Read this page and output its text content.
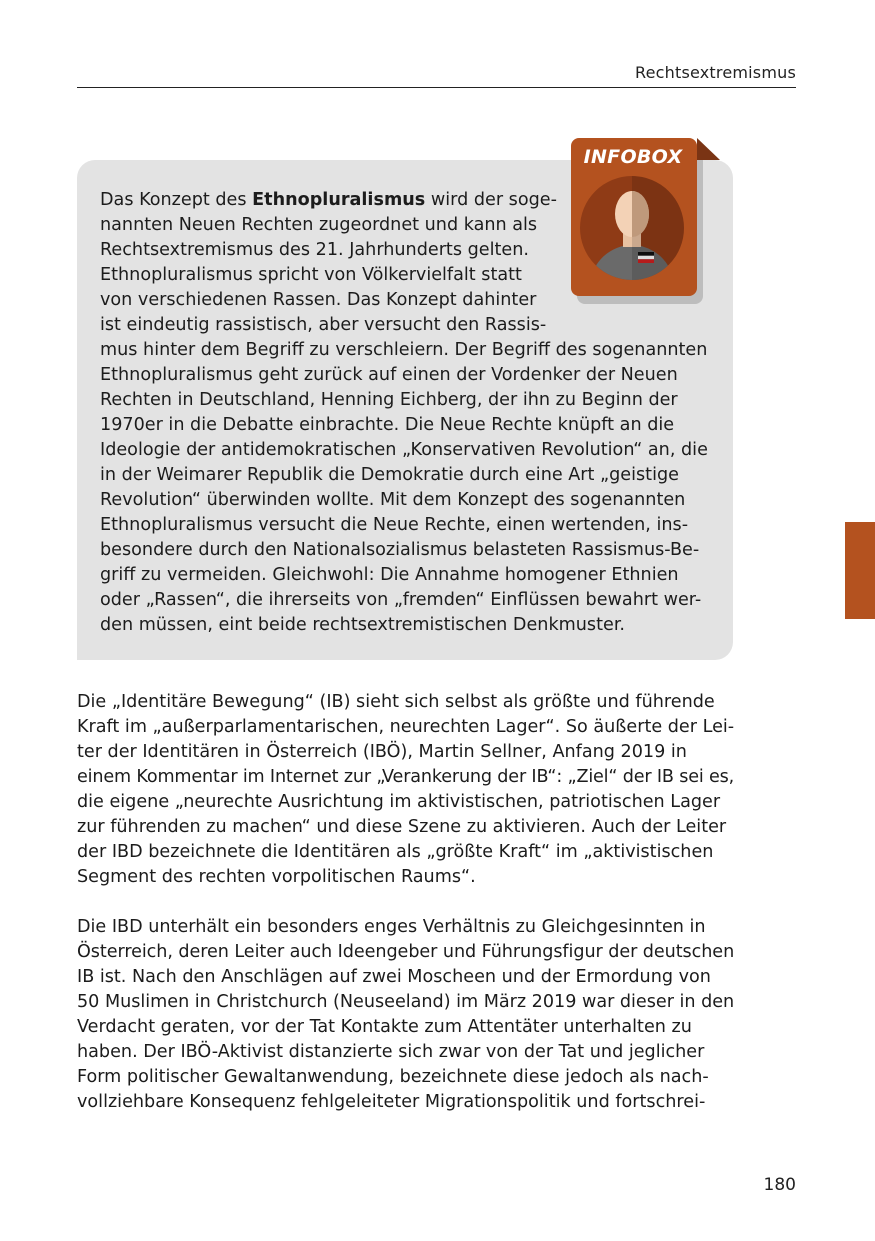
Rechtsextremismus
INFOBOX
Das Konzept des Ethnopluralismus wird der soge-
nannten Neuen Rechten zugeordnet und kann als
Rechtsextremismus des 21. Jahrhunderts gelten.
Ethnopluralismus spricht von Völkervielfalt statt
von verschiedenen Rassen. Das Konzept dahinter
ist eindeutig rassistisch, aber versucht den Rassis-
mus hinter dem Begriff zu verschleiern. Der Begriff des sogenannten
Ethnopluralismus geht zurück auf einen der Vordenker der Neuen
Rechten in Deutschland, Henning Eichberg, der ihn zu Beginn der
1970er in die Debatte einbrachte. Die Neue Rechte knüpft an die
Ideologie der antidemokratischen „Konservativen Revolution“ an, die
in der Weimarer Republik die Demokratie durch eine Art „geistige
Revolution“ überwinden wollte. Mit dem Konzept des sogenannten
Ethnopluralismus versucht die Neue Rechte, einen wertenden, ins-
besondere durch den Nationalsozialismus belasteten Rassismus-Be-
griff zu vermeiden. Gleichwohl: Die Annahme homogener Ethnien
oder „Rassen“, die ihrerseits von „fremden“ Einflüssen bewahrt wer-
den müssen, eint beide rechtsextremistischen Denkmuster.
Die „Identitäre Bewegung“ (IB) sieht sich selbst als größte und führende
Kraft im „außerparlamentarischen, neurechten Lager“. So äußerte der Lei-
ter der Identitären in Österreich (IBÖ), Martin Sellner, Anfang 2019 in
einem Kommentar im Internet zur „Verankerung der IB“: „Ziel“ der IB sei es,
die eigene „neurechte Ausrichtung im aktivistischen, patriotischen Lager
zur führenden zu machen“ und diese Szene zu aktivieren. Auch der Leiter
der IBD bezeichnete die Identitären als „größte Kraft“ im „aktivistischen
Segment des rechten vorpolitischen Raums“.
Die IBD unterhält ein besonders enges Verhältnis zu Gleichgesinnten in
Österreich, deren Leiter auch Ideengeber und Führungsfigur der deutschen
IB ist. Nach den Anschlägen auf zwei Moscheen und der Ermordung von
50 Muslimen in Christchurch (Neuseeland) im März 2019 war dieser in den
Verdacht geraten, vor der Tat Kontakte zum Attentäter unterhalten zu
haben. Der IBÖ-Aktivist distanzierte sich zwar von der Tat und jeglicher
Form politischer Gewaltanwendung, bezeichnete diese jedoch als nach-
vollziehbare Konsequenz fehlgeleiteter Migrationspolitik und fortschrei-
180
